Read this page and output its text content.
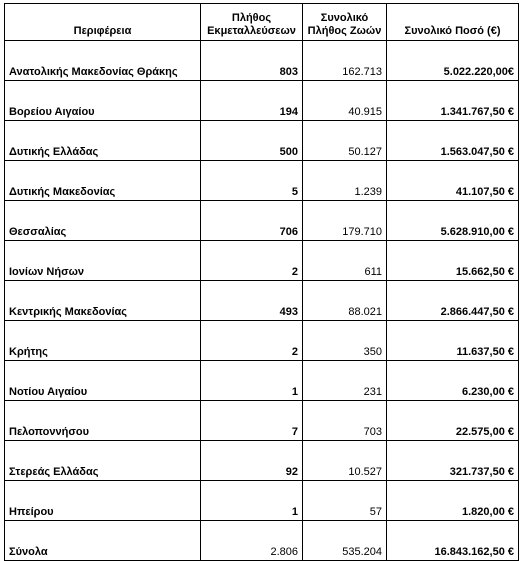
Περιφέρεια	Πλήθος Εκμεταλλεύσεων	Συνολικό Πλήθος Ζωών	Συνολικό Ποσό (€)
Ανατολικής Μακεδονίας Θράκης	803	162.713	5.022.220,00€
Βορείου Αιγαίου	194	40.915	1.341.767,50 €
Δυτικής Ελλάδας	500	50.127	1.563.047,50 €
Δυτικής Μακεδονίας	5	1.239	41.107,50 €
Θεσσαλίας	706	179.710	5.628.910,00 €
Ιονίων Νήσων	2	611	15.662,50 €
Κεντρικής Μακεδονίας	493	88.021	2.866.447,50 €
Κρήτης	2	350	11.637,50 €
Νοτίου Αιγαίου	1	231	6.230,00 €
Πελοποννήσου	7	703	22.575,00 €
Στερεάς Ελλάδας	92	10.527	321.737,50 €
Ηπείρου	1	57	1.820,00 €
Σύνολα	2.806	535.204	16.843.162,50 €
